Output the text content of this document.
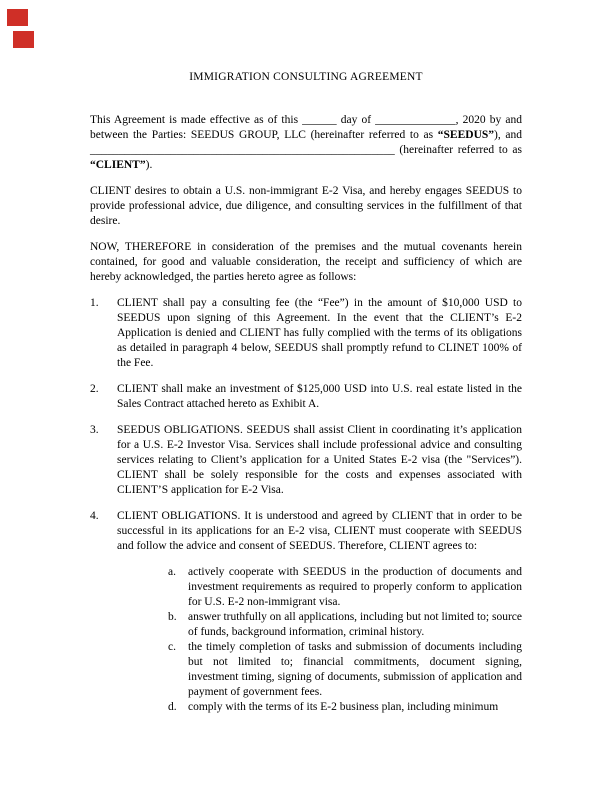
IMMIGRATION CONSULTING AGREEMENT

This Agreement is made effective as of this ______ day of ______________, 2020 by and between the Parties: SEEDUS GROUP, LLC (hereinafter referred to as “SEEDUS”), and _____________________________________________________ (hereinafter referred to as “CLIENT”).

CLIENT desires to obtain a U.S. non-immigrant E-2 Visa, and hereby engages SEEDUS to provide professional advice, due diligence, and consulting services in the fulfillment of that desire.

NOW, THEREFORE in consideration of the premises and the mutual covenants herein contained, for good and valuable consideration, the receipt and sufficiency of which are hereby acknowledged, the parties hereto agree as follows:

1.	CLIENT shall pay a consulting fee (the “Fee”) in the amount of $10,000 USD to SEEDUS upon signing of this Agreement. In the event that the CLIENT’s E-2 Application is denied and CLIENT has fully complied with the terms of its obligations as detailed in paragraph 4 below, SEEDUS shall promptly refund to CLINET 100% of the Fee.
2.	CLIENT shall make an investment of $125,000 USD into U.S. real estate listed in the Sales Contract attached hereto as Exhibit A.
3.	SEEDUS OBLIGATIONS. SEEDUS shall assist Client in coordinating it’s application for a U.S. E-2 Investor Visa. Services shall include professional advice and consulting services relating to Client’s application for a United States E-2 visa (the "Services”). CLIENT shall be solely responsible for the costs and expenses associated with CLIENT’S application for E-2 Visa.
4.	CLIENT OBLIGATIONS. It is understood and agreed by CLIENT that in order to be successful in its applications for an E-2 visa, CLIENT must cooperate with SEEDUS and follow the advice and consent of SEEDUS. Therefore, CLIENT agrees to:
a.	actively cooperate with SEEDUS in the production of documents and investment requirements as required to properly conform to application for U.S. E-2 non-immigrant visa.
b. answer truthfully on all applications, including but not limited to; source of funds, background information, criminal history.
c.	the timely completion of tasks and submission of documents including but not limited to; financial commitments, document signing, investment timing, signing of documents, submission of application and payment of government fees.
d. comply with the terms of its E-2 business plan, including minimum
